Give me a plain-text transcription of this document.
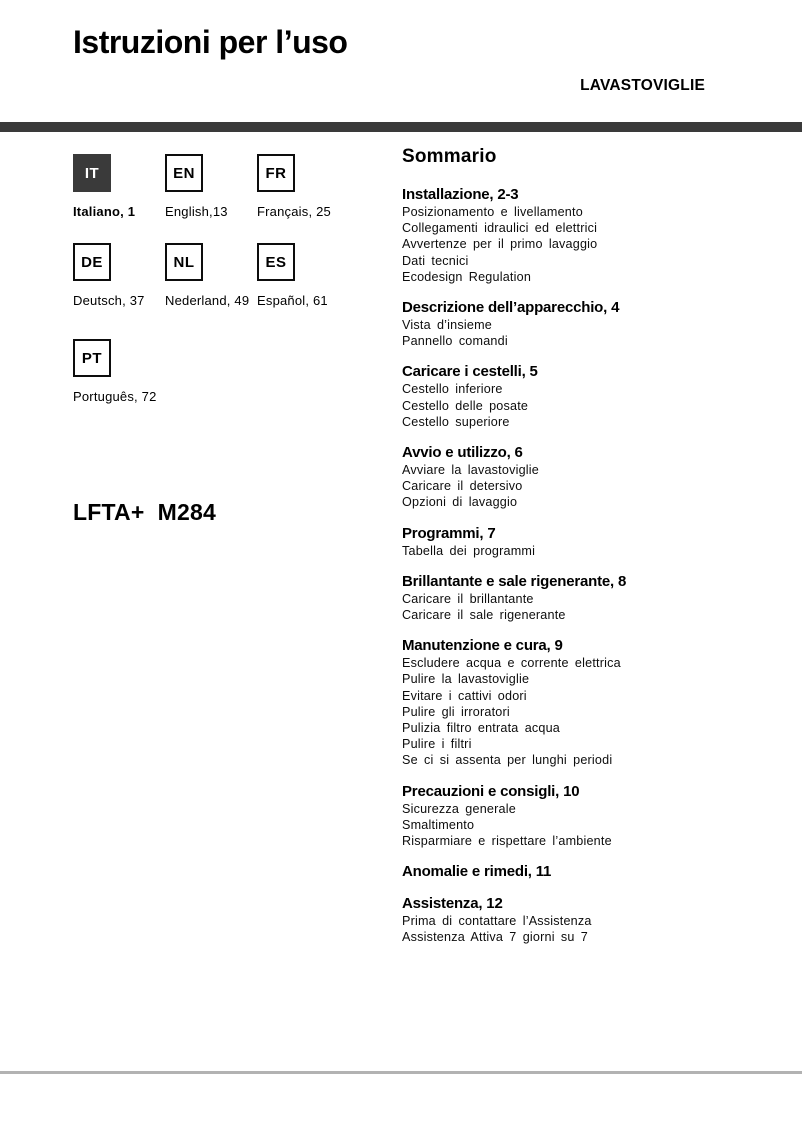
Istruzioni per l’uso
LAVASTOVIGLIE
IT
Italiano, 1
EN
English,13
FR
Français, 25
DE
Deutsch, 37
NL
Nederland, 49
ES
Español, 61
PT
Português, 72
LFTA+  M284
Sommario
Installazione, 2-3
Posizionamento e livellamento
Collegamenti idraulici ed elettrici
Avvertenze per il primo lavaggio
Dati tecnici
Ecodesign Regulation
Descrizione dell’apparecchio, 4
Vista d’insieme
Pannello comandi
Caricare i cestelli, 5
Cestello inferiore
Cestello delle posate
Cestello superiore
Avvio e utilizzo, 6
Avviare la lavastoviglie
Caricare il detersivo
Opzioni di lavaggio
Programmi, 7
Tabella dei programmi
Brillantante e sale rigenerante, 8
Caricare il brillantante
Caricare il sale rigenerante
Manutenzione e cura, 9
Escludere acqua e corrente elettrica
Pulire la lavastoviglie
Evitare i cattivi odori
Pulire gli irroratori
Pulizia filtro entrata acqua
Pulire i filtri
Se ci si assenta per lunghi periodi
Precauzioni e consigli, 10
Sicurezza generale
Smaltimento
Risparmiare e rispettare l’ambiente
Anomalie e rimedi, 11
Assistenza, 12
Prima di contattare l’Assistenza
Assistenza Attiva 7 giorni su 7
